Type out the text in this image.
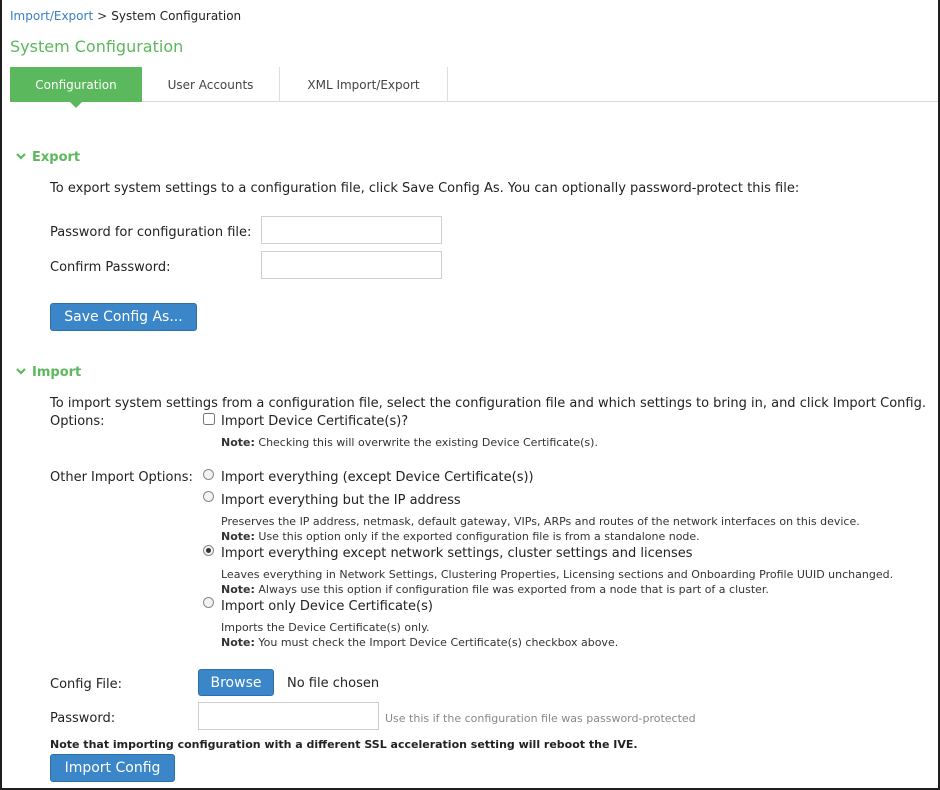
Import/Export > System Configuration
System Configuration
Configuration	User Accounts	XML Import/Export
Export
To export system settings to a configuration file, click Save Config As. You can optionally password-protect this file:
Password for configuration file:
Confirm Password:
Save Config As...
Import
To import system settings from a configuration file, select the configuration file and which settings to bring in, and click Import Config.
Options:	Import Device Certificate(s)?
Note: Checking this will overwrite the existing Device Certificate(s).
Other Import Options: Import everything (except Device Certificate(s))
Import everything but the IP address
Preserves the IP address, netmask, default gateway, VIPs, ARPs and routes of the network interfaces on this device.
Note: Use this option only if the exported configuration file is from a standalone node.
Import everything except network settings, cluster settings and licenses
Leaves everything in Network Settings, Clustering Properties, Licensing sections and Onboarding Profile UUID unchanged.
Note: Always use this option if configuration file was exported from a node that is part of a cluster.
Import only Device Certificate(s)
Imports the Device Certificate(s) only.
Note: You must check the Import Device Certificate(s) checkbox above.
Config File:	Browse	No file chosen
Password:	Use this if the configuration file was password-protected
Note that importing configuration with a different SSL acceleration setting will reboot the IVE.
Import Config
